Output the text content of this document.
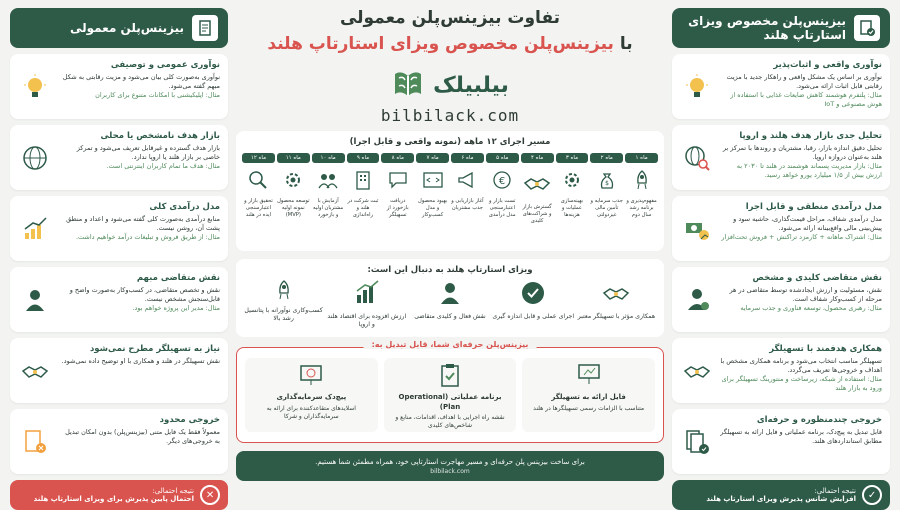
بیزینس‌پلن مخصوص ویزای استارتاپ هلند
نوآوری واقعی و اثبات‌پذیر
نوآوری بر اساس یک مشکل واقعی و راهکار جدید با مزیت رقابتی قابل اثبات ارائه می‌شود.
مثال: پلتفرم هوشمند کاهش ضایعات غذایی با استفاده از هوش مصنوعی و IoT
تحلیل جدی بازار هدف هلند و اروپا
تحلیل دقیق اندازه بازار، رقبا، مشتریان و روندها با تمرکز بر هلند به‌عنوان دروازه اروپا.
مثال: بازار مدیریت پسماند هوشمند در هلند تا ۲۰۳۰ به ارزش بیش از ۱/۵ میلیارد یورو خواهد رسید.
مدل درآمدی منطقی و قابل اجرا
مدل درآمدی شفاف، مراحل قیمت‌گذاری، حاشیه سود و پیش‌بینی مالی واقع‌بینانه ارائه می‌شود.
مثال: اشتراک ماهانه + کارمزد تراکنش + فروش تحت‌افزار
نقش متقاضی کلیدی و مشخص
نقش، مسئولیت و ارزش ایجادشده توسط متقاضی در هر مرحله از کسب‌وکار شفاف است.
مثال: رهبری محصول، توسعه فناوری و جذب سرمایه
همکاری هدفمند با تسهیلگر
تسهیلگر مناسب انتخاب می‌شود و برنامه همکاری مشخص با اهداف و خروجی‌ها تعریف می‌گردد.
مثال: استفاده از شبکه، زیرساخت و منتورینگ تسهیلگر برای ورود به بازار هلند
خروجی چندمنظوره و حرفه‌ای
قابل تبدیل به پیچ‌دک، برنامه عملیاتی و فایل ارائه به تسهیلگر مطابق استانداردهای هلند.
✓
نتیجه احتمالی:
افزایش شانس پذیرش ویزای استارتاپ هلند
بیزینس‌پلن معمولی
نوآوری عمومی و توصیفی
نوآوری به‌صورت کلی بیان می‌شود و مزیت رقابتی به شکل مبهم گفته می‌شود.
مثال: اپلیکیشنی با امکانات متنوع برای کاربران
بازار هدف نامشخص یا محلی
بازار هدف گسترده و غیرقابل تعریف می‌شود و تمرکز خاصی بر بازار هلند یا اروپا ندارد.
مثال: هدف ما تمام کاربران اینترنتی است.
مدل درآمدی کلی
منابع درآمدی به‌صورت کلی گفته می‌شود و اعداد و منطق پشت آن، روشن نیست.
مثال: از طریق فروش و تبلیغات درآمد خواهیم داشت.
نقش متقاضی مبهم
نقش و تخصص متقاضی، در کسب‌وکار به‌صورت واضح و قابل‌سنجش مشخص نیست.
مثال: مدیر این پروژه خواهم بود.
نیاز به تسهیلگر مطرح نمی‌شود
نقش تسهیلگر در هلند و همکاری با او توضیح داده نمی‌شود.
خروجی محدود
معمولاً فقط یک فایل متنی (بیزینس‌پلن) بدون امکان تبدیل به خروجی‌های دیگر.
✕
نتیجه احتمالی:
احتمال پایین پذیرش برای ویزای استارتاپ هلند
تفاوت بیزینس‌پلن معمولی
با بیزینس‌پلن مخصوص ویزای استارتاپ هلند
بیلبیلک
bilbilack.com
مسیر اجرای ۱۲ ماهه (نمونه واقعی و قابل اجرا)
ماه ۱
مفهوم‌پذیری و برنامه رشد سال دوم
ماه ۲
$
جذب سرمایه و تأمین مالی غیردولتی
ماه ۳
بهینه‌سازی عملیات و هزینه‌ها
ماه ۴
گسترش بازار و شراکت‌های کلیدی
ماه ۵
€
تست بازار و اعتبارسنجی مدل درآمدی
ماه ۶
آغاز بازاریابی و جذب مشتریان
ماه ۷
بهبود محصول و مدل کسب‌وکار
ماه ۸
دریافت بازخورد از تسهیلگر
ماه ۹
ثبت شرکت در هلند و راه‌اندازی
ماه ۱۰
آزمایش با مشتریان اولیه و بازخورد
ماه ۱۱
توسعه محصول نمونه اولیه (MVP)
ماه ۱۲
تحقیق بازار و اعتبارسنجی ایده در هلند
ویزای استارتاپ هلند به دنبال این است:
همکاری مؤثر با تسهیلگر معتبر
اجرای عملی و قابل اندازه گیری
نقش فعال و کلیدی متقاضی
ارزش افزوده برای اقتصاد هلند و اروپا
کسب‌وکاری نوآورانه با پتانسیل رشد بالا
بیزینس‌پلن حرفه‌ای شما، قابل تبدیل به:
فایل ارائه به تسهیلگر
متناسب با الزامات رسمی تسهیلگرها در هلند
برنامه عملیاتی (Operational Plan)
نقشه راه اجرایی با اهداف، اقدامات، منابع و شاخص‌های کلیدی
پیچ‌دک سرمایه‌گذاری
اسلایدهای متقاعدکننده برای ارائه به سرمایه‌گذاران و شرکا
برای ساخت بیزینس پلن حرفه‌ای و مسیر مهاجرت استارتاپی خود، همراه مطمئن شما هستیم.
bilbilack.com
